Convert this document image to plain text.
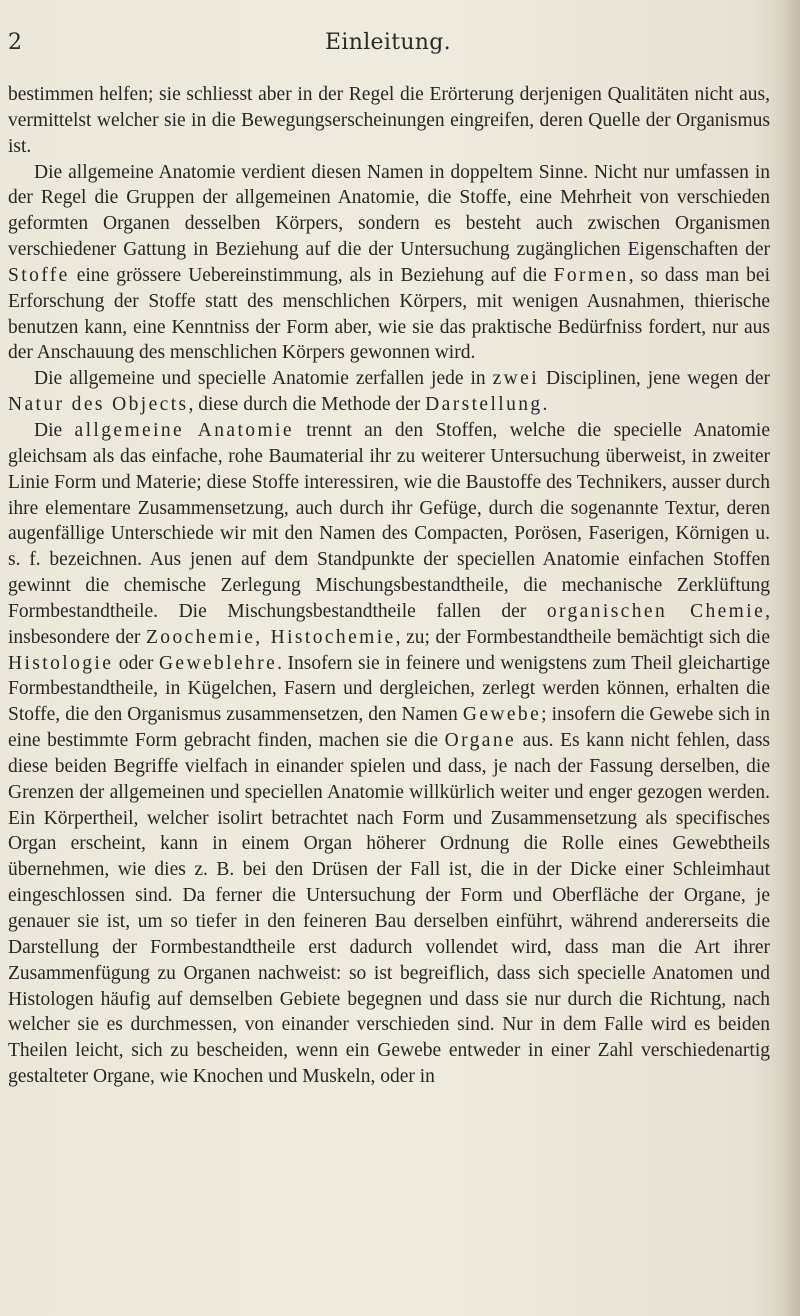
2	Einleitung.

bestimmen helfen; sie schliesst aber in der Regel die Erörterung derjenigen Qualitäten nicht aus, vermittelst welcher sie in die Bewegungserscheinungen eingreifen, deren Quelle der Organismus ist.

Die allgemeine Anatomie verdient diesen Namen in doppeltem Sinne. Nicht nur umfassen in der Regel die Gruppen der allgemeinen Anatomie, die Stoffe, eine Mehrheit von verschieden geformten Organen desselben Körpers, sondern es besteht auch zwischen Organismen verschiedener Gattung in Beziehung auf die der Untersuchung zugänglichen Eigenschaften der Stoffe eine grössere Uebereinstimmung, als in Beziehung auf die Formen, so dass man bei Erforschung der Stoffe statt des menschlichen Körpers, mit wenigen Ausnahmen, thierische benutzen kann, eine Kenntniss der Form aber, wie sie das praktische Bedürfniss fordert, nur aus der Anschauung des menschlichen Körpers gewonnen wird.

Die allgemeine und specielle Anatomie zerfallen jede in zwei Disciplinen, jene wegen der Natur des Objects, diese durch die Methode der Darstellung.

Die allgemeine Anatomie trennt an den Stoffen, welche die specielle Anatomie gleichsam als das einfache, rohe Baumaterial ihr zu weiterer Untersuchung überweist, in zweiter Linie Form und Materie; diese Stoffe interessiren, wie die Baustoffe des Technikers, ausser durch ihre elementare Zusammensetzung, auch durch ihr Gefüge, durch die sogenannte Textur, deren augenfällige Unterschiede wir mit den Namen des Compacten, Porösen, Faserigen, Körnigen u. s. f. bezeichnen. Aus jenen auf dem Standpunkte der speciellen Anatomie einfachen Stoffen gewinnt die chemische Zerlegung Mischungsbestandtheile, die mechanische Zerklüftung Formbestandtheile. Die Mischungsbestandtheile fallen der organischen Chemie, insbesondere der Zoochemie, Histochemie, zu; der Formbestandtheile bemächtigt sich die Histologie oder Geweblehre. Insofern sie in feinere und wenigstens zum Theil gleichartige Formbestandtheile, in Kügelchen, Fasern und dergleichen, zerlegt werden können, erhalten die Stoffe, die den Organismus zusammensetzen, den Namen Gewebe; insofern die Gewebe sich in eine bestimmte Form gebracht finden, machen sie die Organe aus. Es kann nicht fehlen, dass diese beiden Begriffe vielfach in einander spielen und dass, je nach der Fassung derselben, die Grenzen der allgemeinen und speciellen Anatomie willkürlich weiter und enger gezogen werden. Ein Körpertheil, welcher isolirt betrachtet nach Form und Zusammensetzung als specifisches Organ erscheint, kann in einem Organ höherer Ordnung die Rolle eines Gewebtheils übernehmen, wie dies z. B. bei den Drüsen der Fall ist, die in der Dicke einer Schleimhaut eingeschlossen sind. Da ferner die Untersuchung der Form und Oberfläche der Organe, je genauer sie ist, um so tiefer in den feineren Bau derselben einführt, während andererseits die Darstellung der Formbestandtheile erst dadurch vollendet wird, dass man die Art ihrer Zusammenfügung zu Organen nachweist: so ist begreiflich, dass sich specielle Anatomen und Histologen häufig auf demselben Gebiete begegnen und dass sie nur durch die Richtung, nach welcher sie es durchmessen, von einander verschieden sind. Nur in dem Falle wird es beiden Theilen leicht, sich zu bescheiden, wenn ein Gewebe entweder in einer Zahl verschiedenartig gestalteter Organe, wie Knochen und Muskeln, oder in
